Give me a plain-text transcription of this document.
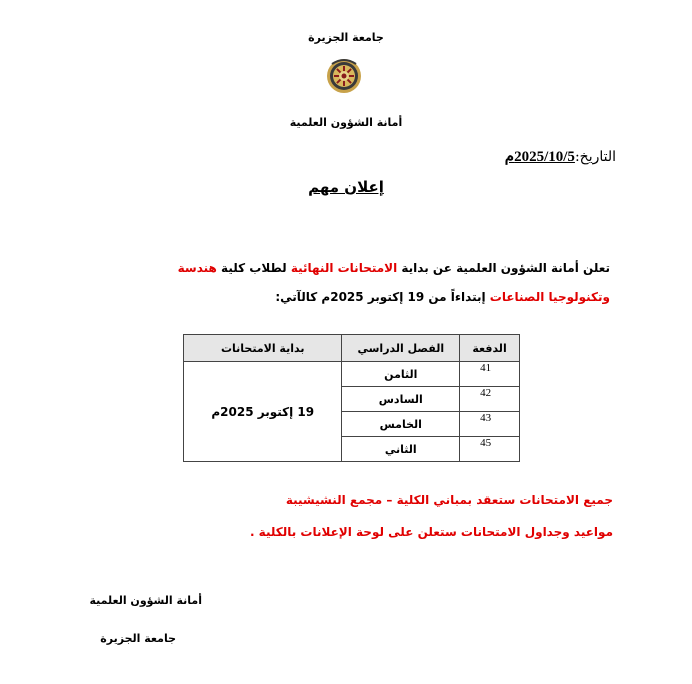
جامعة الجزيرة
أمانة الشؤون العلمية
التاريخ:2025/10/5م
إعلان مهم
تعلن أمانة الشؤون العلمية عن بداية الامتحانات النهائية لطلاب كلية هندسة
وتكنولوجيا الصناعات إبتداءاً من 19 إكتوبر 2025م كالآتي:
الدفعة	الفصل الدراسي	بداية الامتحانات
41	الثامن	19 إكتوبر 2025م
42	السادس	
43	الخامس	
45	الثاني	
جميع الامتحانات ستعقد بمباني الكلية – مجمع النشيشيبة
مواعيد وجداول الامتحانات ستعلن على لوحة الإعلانات بالكلية .
أمانة الشؤون العلمية
جامعة الجزيرة
